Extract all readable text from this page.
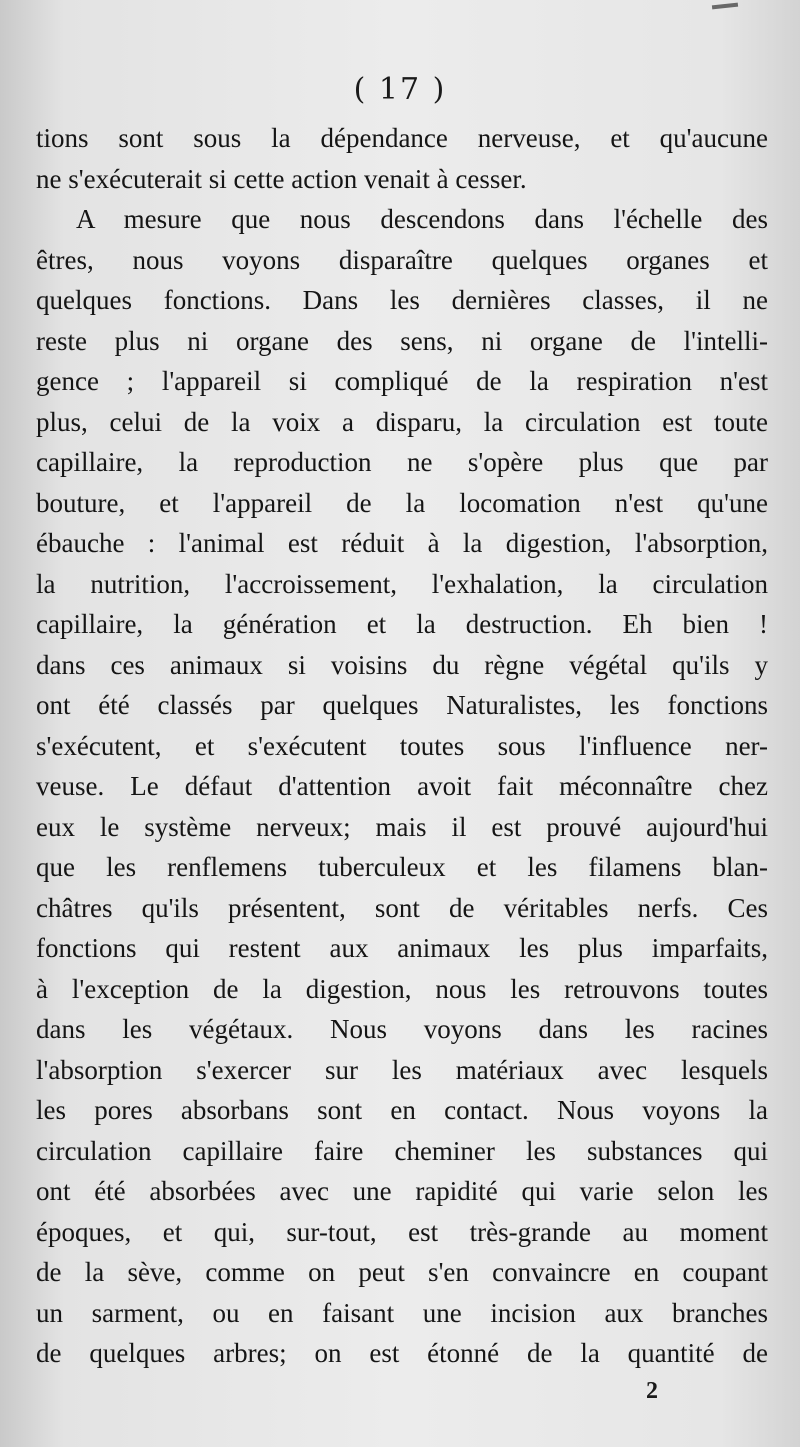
( 17 )
tions sont sous la dépendance nerveuse, et qu'aucune
ne s'exécuterait si cette action venait à cesser.
A mesure que nous descendons dans l'échelle des
êtres, nous voyons disparaître quelques organes et
quelques fonctions. Dans les dernières classes, il ne
reste plus ni organe des sens, ni organe de l'intelli-
gence ; l'appareil si compliqué de la respiration n'est
plus, celui de la voix a disparu, la circulation est toute
capillaire, la reproduction ne s'opère plus que par
bouture, et l'appareil de la locomation n'est qu'une
ébauche : l'animal est réduit à la digestion, l'absorption,
la nutrition, l'accroissement, l'exhalation, la circulation
capillaire, la génération et la destruction. Eh bien !
dans ces animaux si voisins du règne végétal qu'ils y
ont été classés par quelques Naturalistes, les fonctions
s'exécutent, et s'exécutent toutes sous l'influence ner-
veuse. Le défaut d'attention avoit fait méconnaître chez
eux le système nerveux; mais il est prouvé aujourd'hui
que les renflemens tuberculeux et les filamens blan-
châtres qu'ils présentent, sont de véritables nerfs. Ces
fonctions qui restent aux animaux les plus imparfaits,
à l'exception de la digestion, nous les retrouvons toutes
dans les végétaux. Nous voyons dans les racines
l'absorption s'exercer sur les matériaux avec lesquels
les pores absorbans sont en contact. Nous voyons la
circulation capillaire faire cheminer les substances qui
ont été absorbées avec une rapidité qui varie selon les
époques, et qui, sur-tout, est très-grande au moment
de la sève, comme on peut s'en convaincre en coupant
un sarment, ou en faisant une incision aux branches
de quelques arbres; on est étonné de la quantité de
2
